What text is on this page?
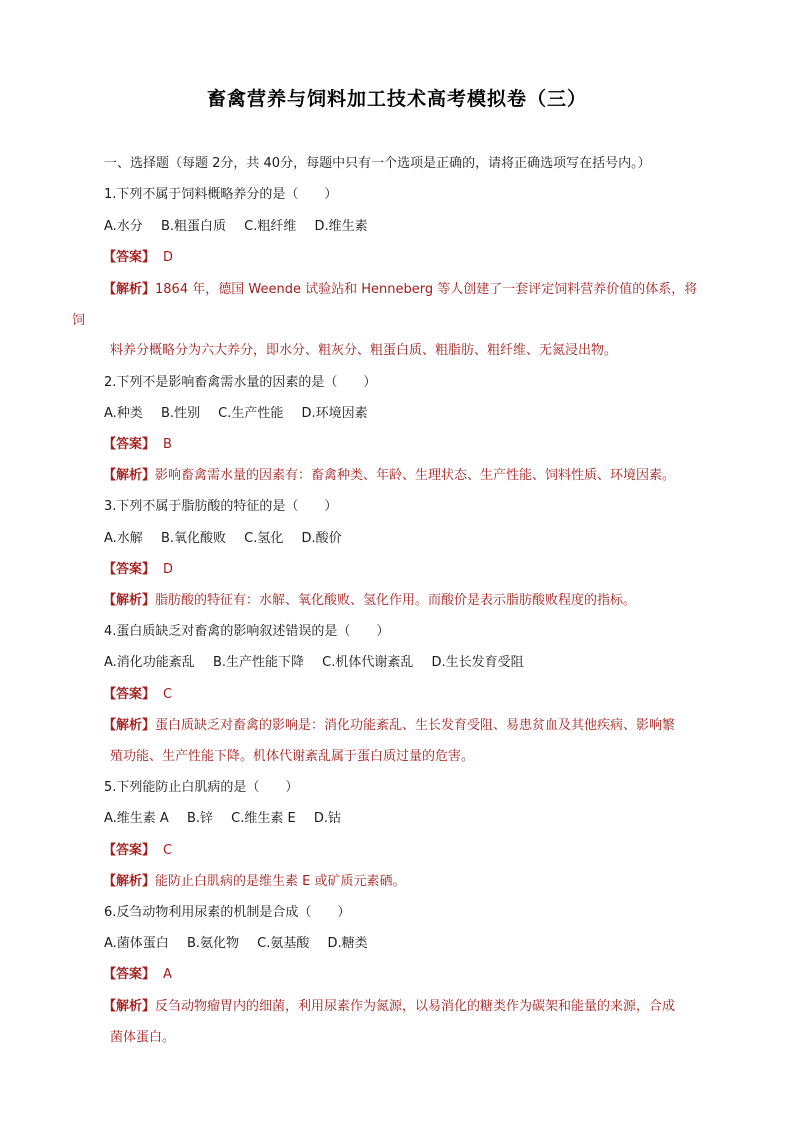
畜禽营养与饲料加工技术高考模拟卷（三）
一、选择题（每题 2分，共 40分，每题中只有一个选项是正确的，请将正确选项写在括号内。）
1.下列不属于饲料概略养分的是（　　）
A.水分 B.粗蛋白质 C.粗纤维 D.维生素
【答案】 D
【解析】1864 年，德国 Weende 试验站和 Henneberg 等人创建了一套评定饲料营养价值的体系，将
饲
料养分概略分为六大养分，即水分、粗灰分、粗蛋白质、粗脂肪、粗纤维、无氮浸出物。
2.下列不是影响畜禽需水量的因素的是（　　）
A.种类 B.性别 C.生产性能 D.环境因素
【答案】 B
【解析】影响畜禽需水量的因素有：畜禽种类、年龄、生理状态、生产性能、饲料性质、环境因素。
3.下列不属于脂肪酸的特征的是（　　）
A.水解 B.氧化酸败 C.氢化 D.酸价
【答案】 D
【解析】脂肪酸的特征有：水解、氧化酸败、氢化作用。而酸价是表示脂肪酸败程度的指标。
4.蛋白质缺乏对畜禽的影响叙述错误的是（　　）
A.消化功能紊乱 B.生产性能下降 C.机体代谢紊乱 D.生长发育受阻
【答案】 C
【解析】蛋白质缺乏对畜禽的影响是：消化功能紊乱、生长发育受阻、易患贫血及其他疾病、影响繁
殖功能、生产性能下降。机体代谢紊乱属于蛋白质过量的危害。
5.下列能防止白肌病的是（　　）
A.维生素 A B.锌 C.维生素 E D.钴
【答案】 C
【解析】能防止白肌病的是维生素 E 或矿质元素硒。
6.反刍动物利用尿素的机制是合成（　　）
A.菌体蛋白 B.氨化物 C.氨基酸 D.糖类
【答案】 A
【解析】反刍动物瘤胃内的细菌，利用尿素作为氮源，以易消化的糖类作为碳架和能量的来源，合成
菌体蛋白。
